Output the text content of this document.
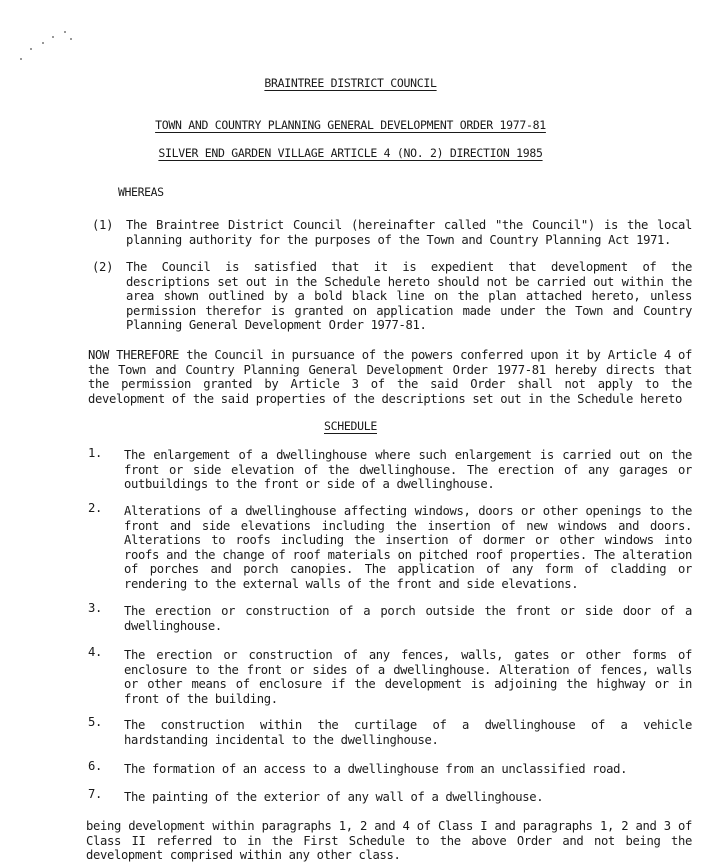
BRAINTREE DISTRICT COUNCIL
TOWN AND COUNTRY PLANNING GENERAL DEVELOPMENT ORDER 1977-81
SILVER END GARDEN VILLAGE ARTICLE 4 (NO. 2) DIRECTION 1985
WHEREAS
(1) The Braintree District Council (hereinafter called "the Council") is the local planning authority for the purposes of the Town and Country Planning Act 1971.
(2) The Council is satisfied that it is expedient that development of the descriptions set out in the Schedule hereto should not be carried out within the area shown outlined by a bold black line on the plan attached hereto, unless permission therefor is granted on application made under the Town and Country Planning General Development Order 1977-81.
NOW THEREFORE the Council in pursuance of the powers conferred upon it by Article 4 of the Town and Country Planning General Development Order 1977-81 hereby directs that the permission granted by Article 3 of the said Order shall not apply to the development of the said properties of the descriptions set out in the Schedule hereto
SCHEDULE
1. The enlargement of a dwellinghouse where such enlargement is carried out on the front or side elevation of the dwellinghouse. The erection of any garages or outbuildings to the front or side of a dwellinghouse.
2. Alterations of a dwellinghouse affecting windows, doors or other openings to the front and side elevations including the insertion of new windows and doors. Alterations to roofs including the insertion of dormer or other windows into roofs and the change of roof materials on pitched roof properties. The alteration of porches and porch canopies. The application of any form of cladding or rendering to the external walls of the front and side elevations.
3. The erection or construction of a porch outside the front or side door of a dwellinghouse.
4. The erection or construction of any fences, walls, gates or other forms of enclosure to the front or sides of a dwellinghouse. Alteration of fences, walls or other means of enclosure if the development is adjoining the highway or in front of the building.
5. The construction within the curtilage of a dwellinghouse of a vehicle hardstanding incidental to the dwellinghouse.
6. The formation of an access to a dwellinghouse from an unclassified road.
7. The painting of the exterior of any wall of a dwellinghouse.
being development within paragraphs 1, 2 and 4 of Class I and paragraphs 1, 2 and 3 of Class II referred to in the First Schedule to the above Order and not being the development comprised within any other class.
